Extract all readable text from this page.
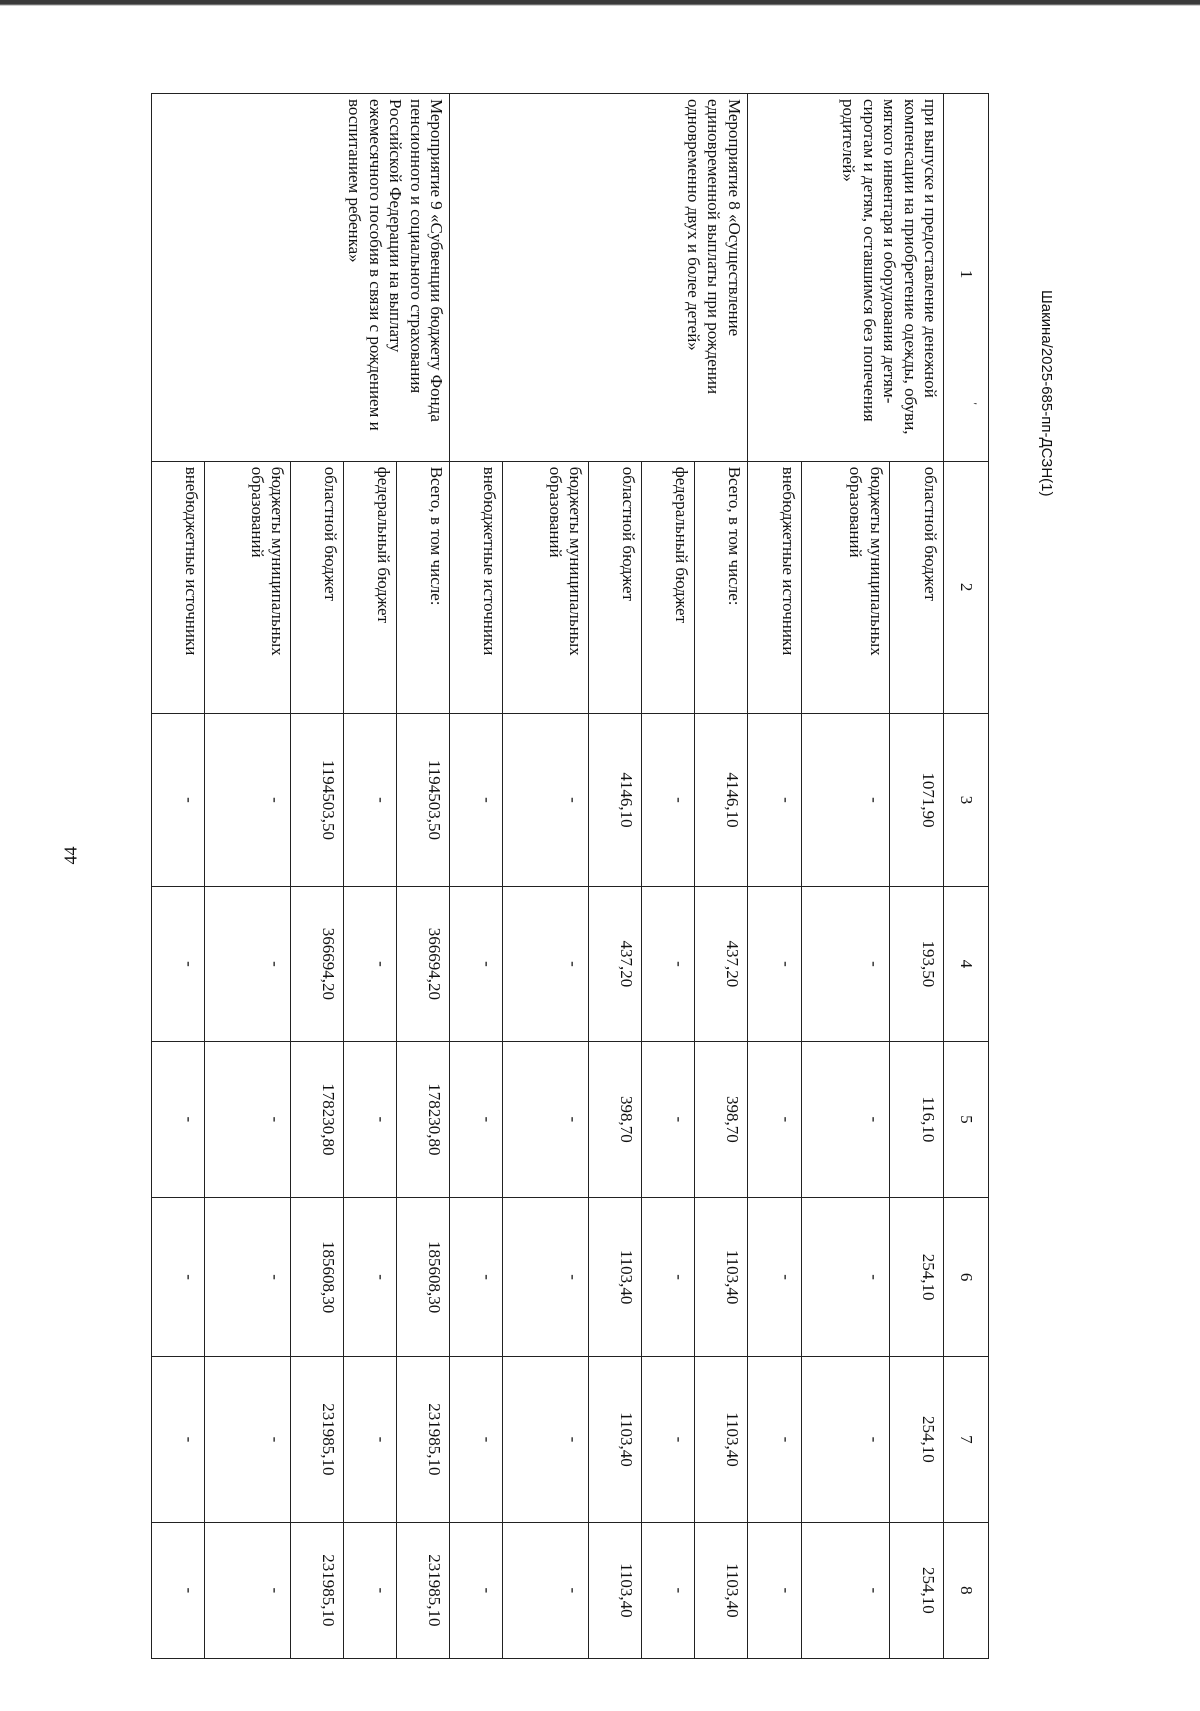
44
Шакина/2025-685-пп-ДСЗН(1)
1 '	2	3	4	5	6	7	8
при выпуске и предоставление денежной компенсации на приобретение одежды, обуви, мягкого инвентаря и оборудования детям-сиротам и детям, оставшимся без попечения родителей»	областной бюджет	1071,90	193,50	116,10	254,10	254,10	254,10

	бюджеты муниципальных образований	-	-	-	-	-	-

	внебюджетные источники	-	-	-	-	-	-

Мероприятие 8 «Осуществление единовременной выплаты при рождении одновременно двух и более детей»	Всего, в том числе:	4146,10	437,20	398,70	1103,40	1103,40	1103,40

	федеральный бюджет	-	-	-	-	-	-

	областной бюджет	4146,10	437,20	398,70	1103,40	1103,40	1103,40

	бюджеты муниципальных образований	-	-	-	-	-	-

	внебюджетные источники	-	-	-	-	-	-

Мероприятие 9 «Субвенции бюджету Фонда пенсионного и социального страхования Российской Федерации на выплату ежемесячного пособия в связи с рождением и воспитанием ребенка»	Всего, в том числе:	1194503,50	366694,20	178230,80	185608,30	231985,10	231985,10

	федеральный бюджет	-	-	-	-	-	-

	областной бюджет	1194503,50	366694,20	178230,80	185608,30	231985,10	231985,10

	бюджеты муниципальных образований	-	-	-	-	-	-

	внебюджетные источники	-	-	-	-	-	-
